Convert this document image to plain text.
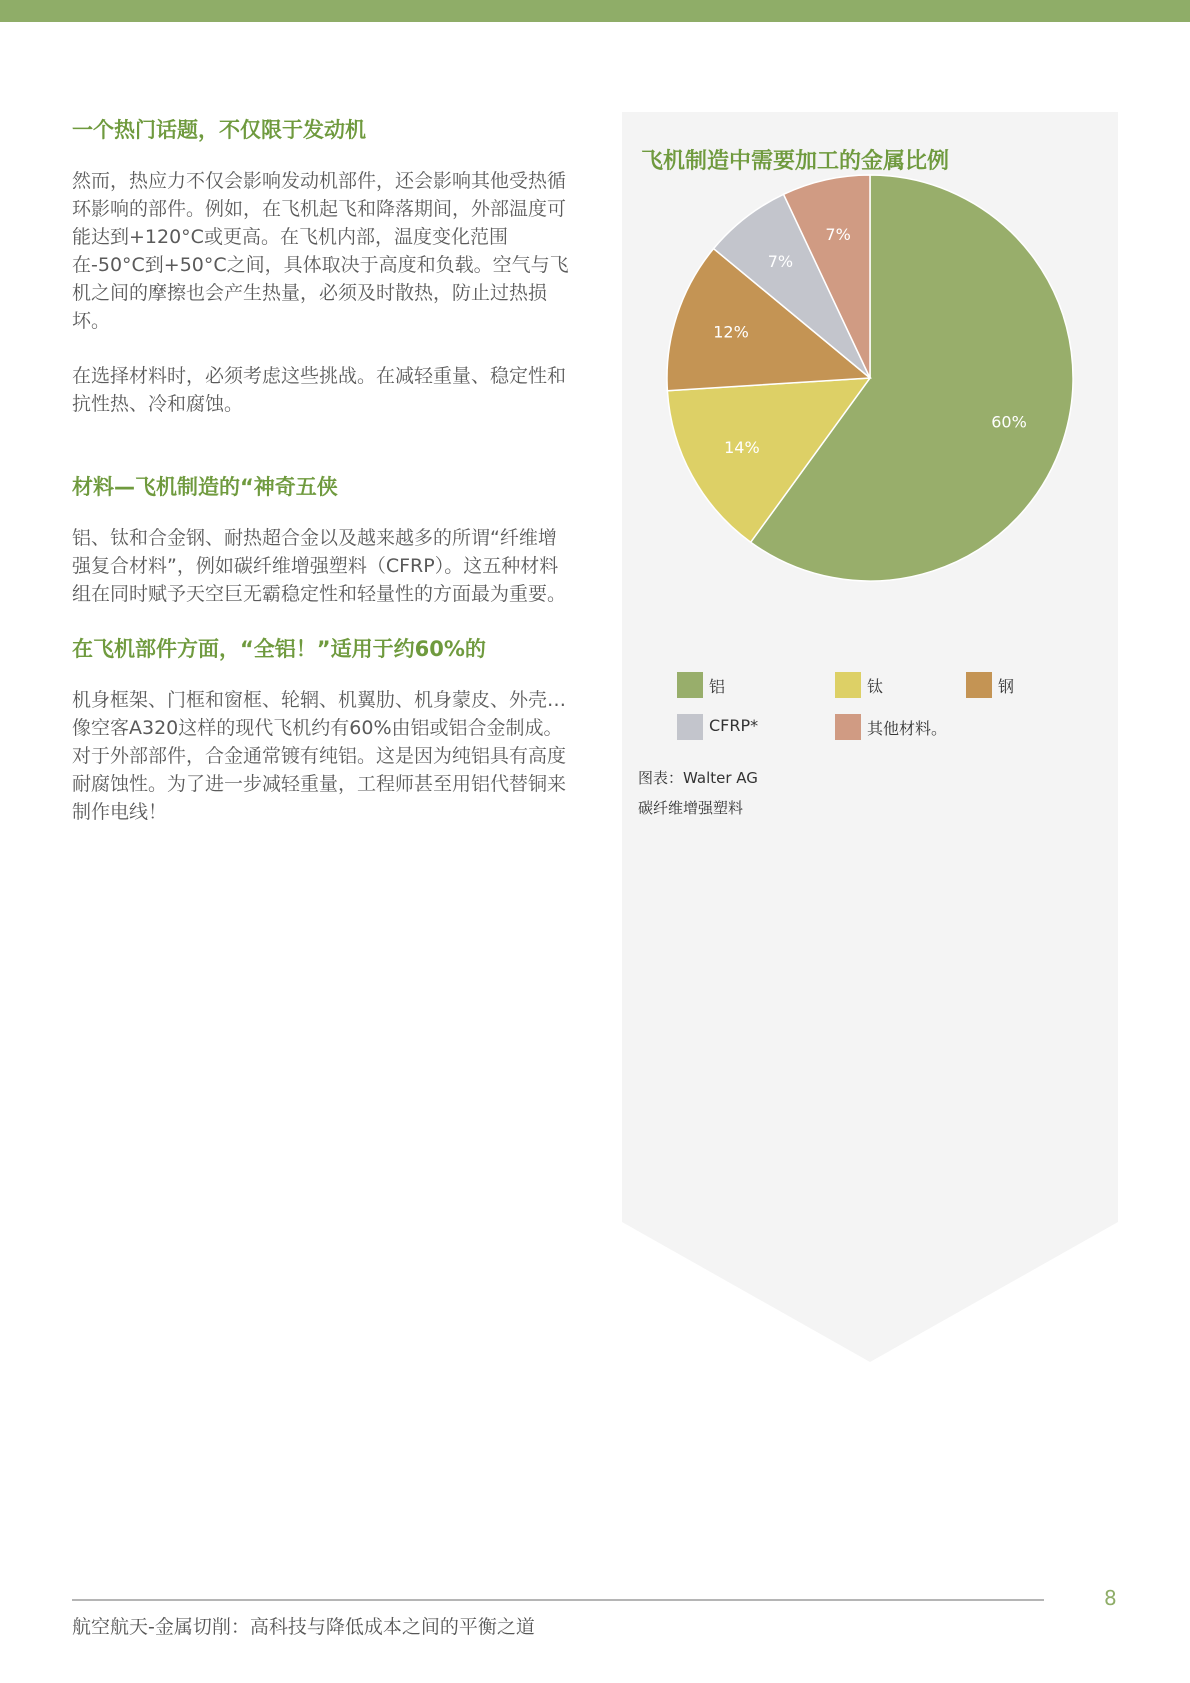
一个热门话题，不仅限于发动机

然而，热应力不仅会影响发动机部件，还会影响其他受热循环影响的部件。例如，在飞机起飞和降落期间，外部温度可能达到+120°C或更高。在飞机内部，温度变化范围在-50°C到+50°C之间，具体取决于高度和负载。空气与飞机之间的摩擦也会产生热量，必须及时散热，防止过热损坏。

在选择材料时，必须考虑这些挑战。在减轻重量、稳定性和抗性热、冷和腐蚀。

材料—飞机制造的“神奇五侠

铝、钛和合金钢、耐热超合金以及越来越多的所谓“纤维增强复合材料”，例如碳纤维增强塑料（CFRP）。这五种材料组在同时赋予天空巨无霸稳定性和轻量性的方面最为重要。

在飞机部件方面，“全铝！”适用于约60%的

机身框架、门框和窗框、轮辋、机翼肋、机身蒙皮、外壳…像空客A320这样的现代飞机约有60%由铝或铝合金制成。对于外部部件，合金通常镀有纯铝。这是因为纯铝具有高度耐腐蚀性。为了进一步减轻重量，工程师甚至用铝代替铜来制作电线！

飞机制造中需要加工的金属比例
60%
14%
12%
7%
7%
铝	钛	钢
CFRP*	其他材料。
图表：Walter AG
碳纤维增强塑料
8
航空航天-金属切削：高科技与降低成本之间的平衡之道
